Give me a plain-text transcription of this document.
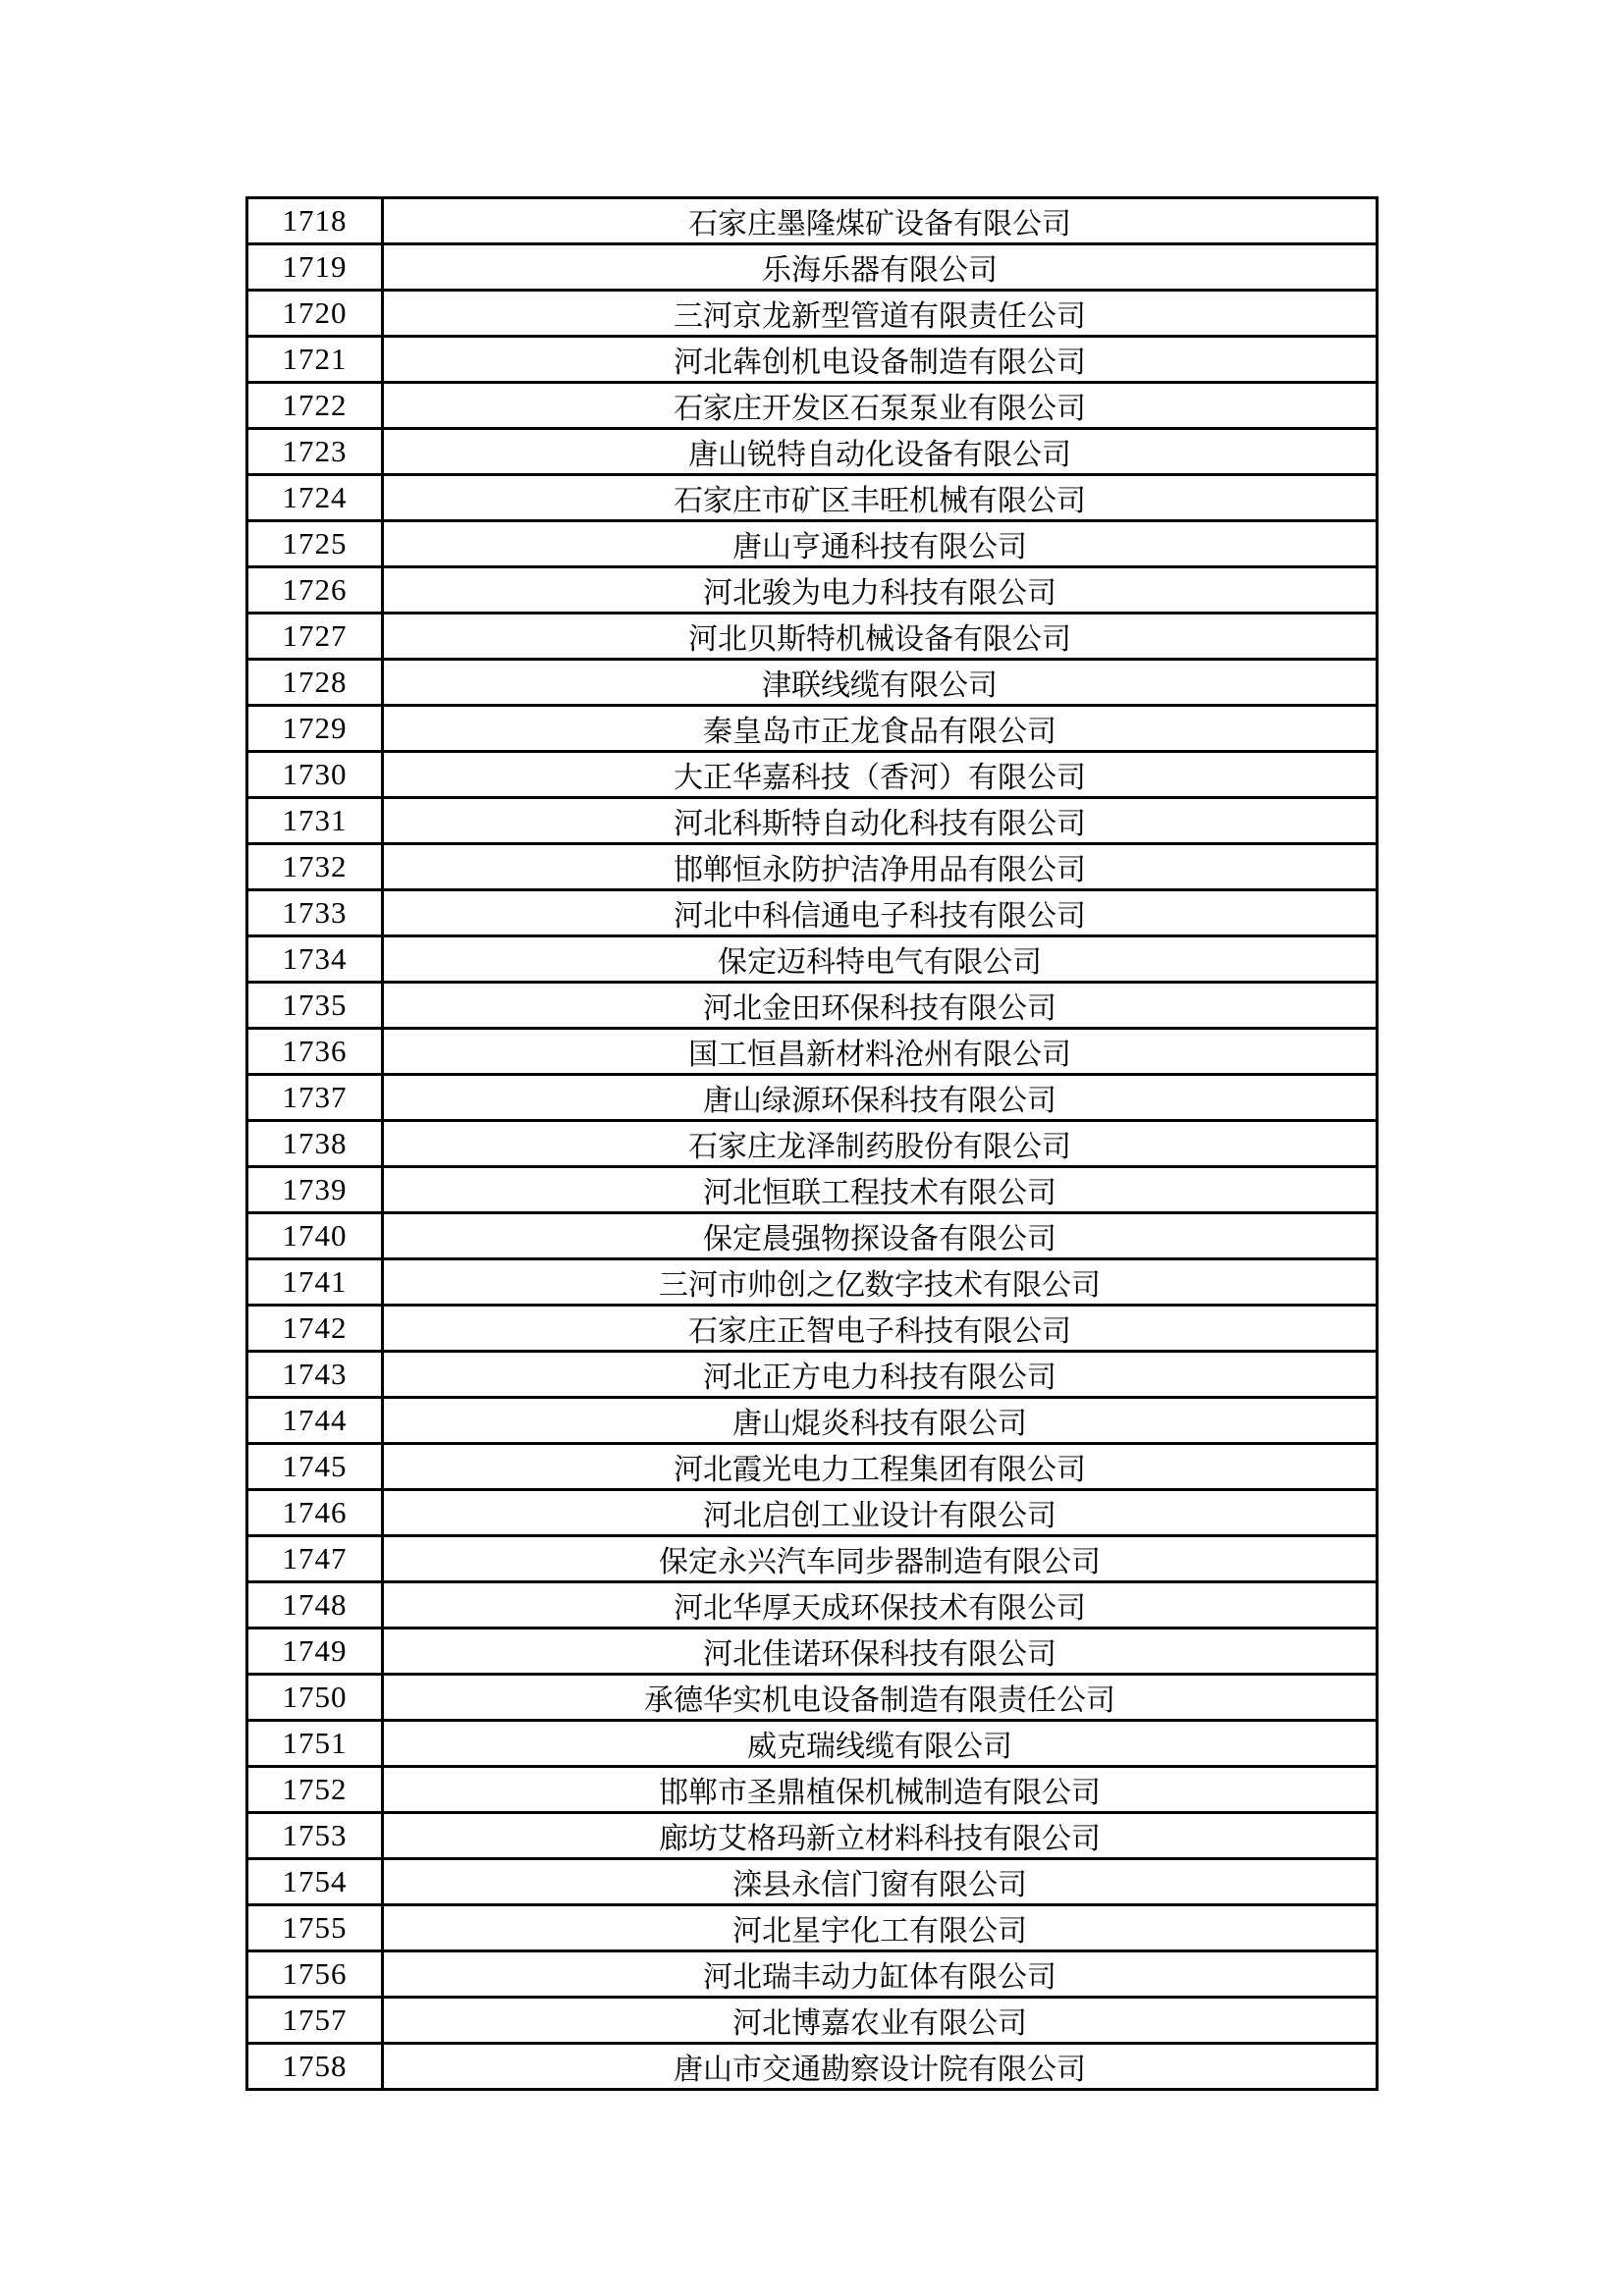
1718	石家庄墨隆煤矿设备有限公司
1719	乐海乐器有限公司
1720	三河京龙新型管道有限责任公司
1721	河北犇创机电设备制造有限公司
1722	石家庄开发区石泵泵业有限公司
1723	唐山锐特自动化设备有限公司
1724	石家庄市矿区丰旺机械有限公司
1725	唐山亨通科技有限公司
1726	河北骏为电力科技有限公司
1727	河北贝斯特机械设备有限公司
1728	津联线缆有限公司
1729	秦皇岛市正龙食品有限公司
1730	大正华嘉科技（香河）有限公司
1731	河北科斯特自动化科技有限公司
1732	邯郸恒永防护洁净用品有限公司
1733	河北中科信通电子科技有限公司
1734	保定迈科特电气有限公司
1735	河北金田环保科技有限公司
1736	国工恒昌新材料沧州有限公司
1737	唐山绿源环保科技有限公司
1738	石家庄龙泽制药股份有限公司
1739	河北恒联工程技术有限公司
1740	保定晨强物探设备有限公司
1741	三河市帅创之亿数字技术有限公司
1742	石家庄正智电子科技有限公司
1743	河北正方电力科技有限公司
1744	唐山焜炎科技有限公司
1745	河北霞光电力工程集团有限公司
1746	河北启创工业设计有限公司
1747	保定永兴汽车同步器制造有限公司
1748	河北华厚天成环保技术有限公司
1749	河北佳诺环保科技有限公司
1750	承德华实机电设备制造有限责任公司
1751	威克瑞线缆有限公司
1752	邯郸市圣鼎植保机械制造有限公司
1753	廊坊艾格玛新立材料科技有限公司
1754	滦县永信门窗有限公司
1755	河北星宇化工有限公司
1756	河北瑞丰动力缸体有限公司
1757	河北博嘉农业有限公司
1758	唐山市交通勘察设计院有限公司
